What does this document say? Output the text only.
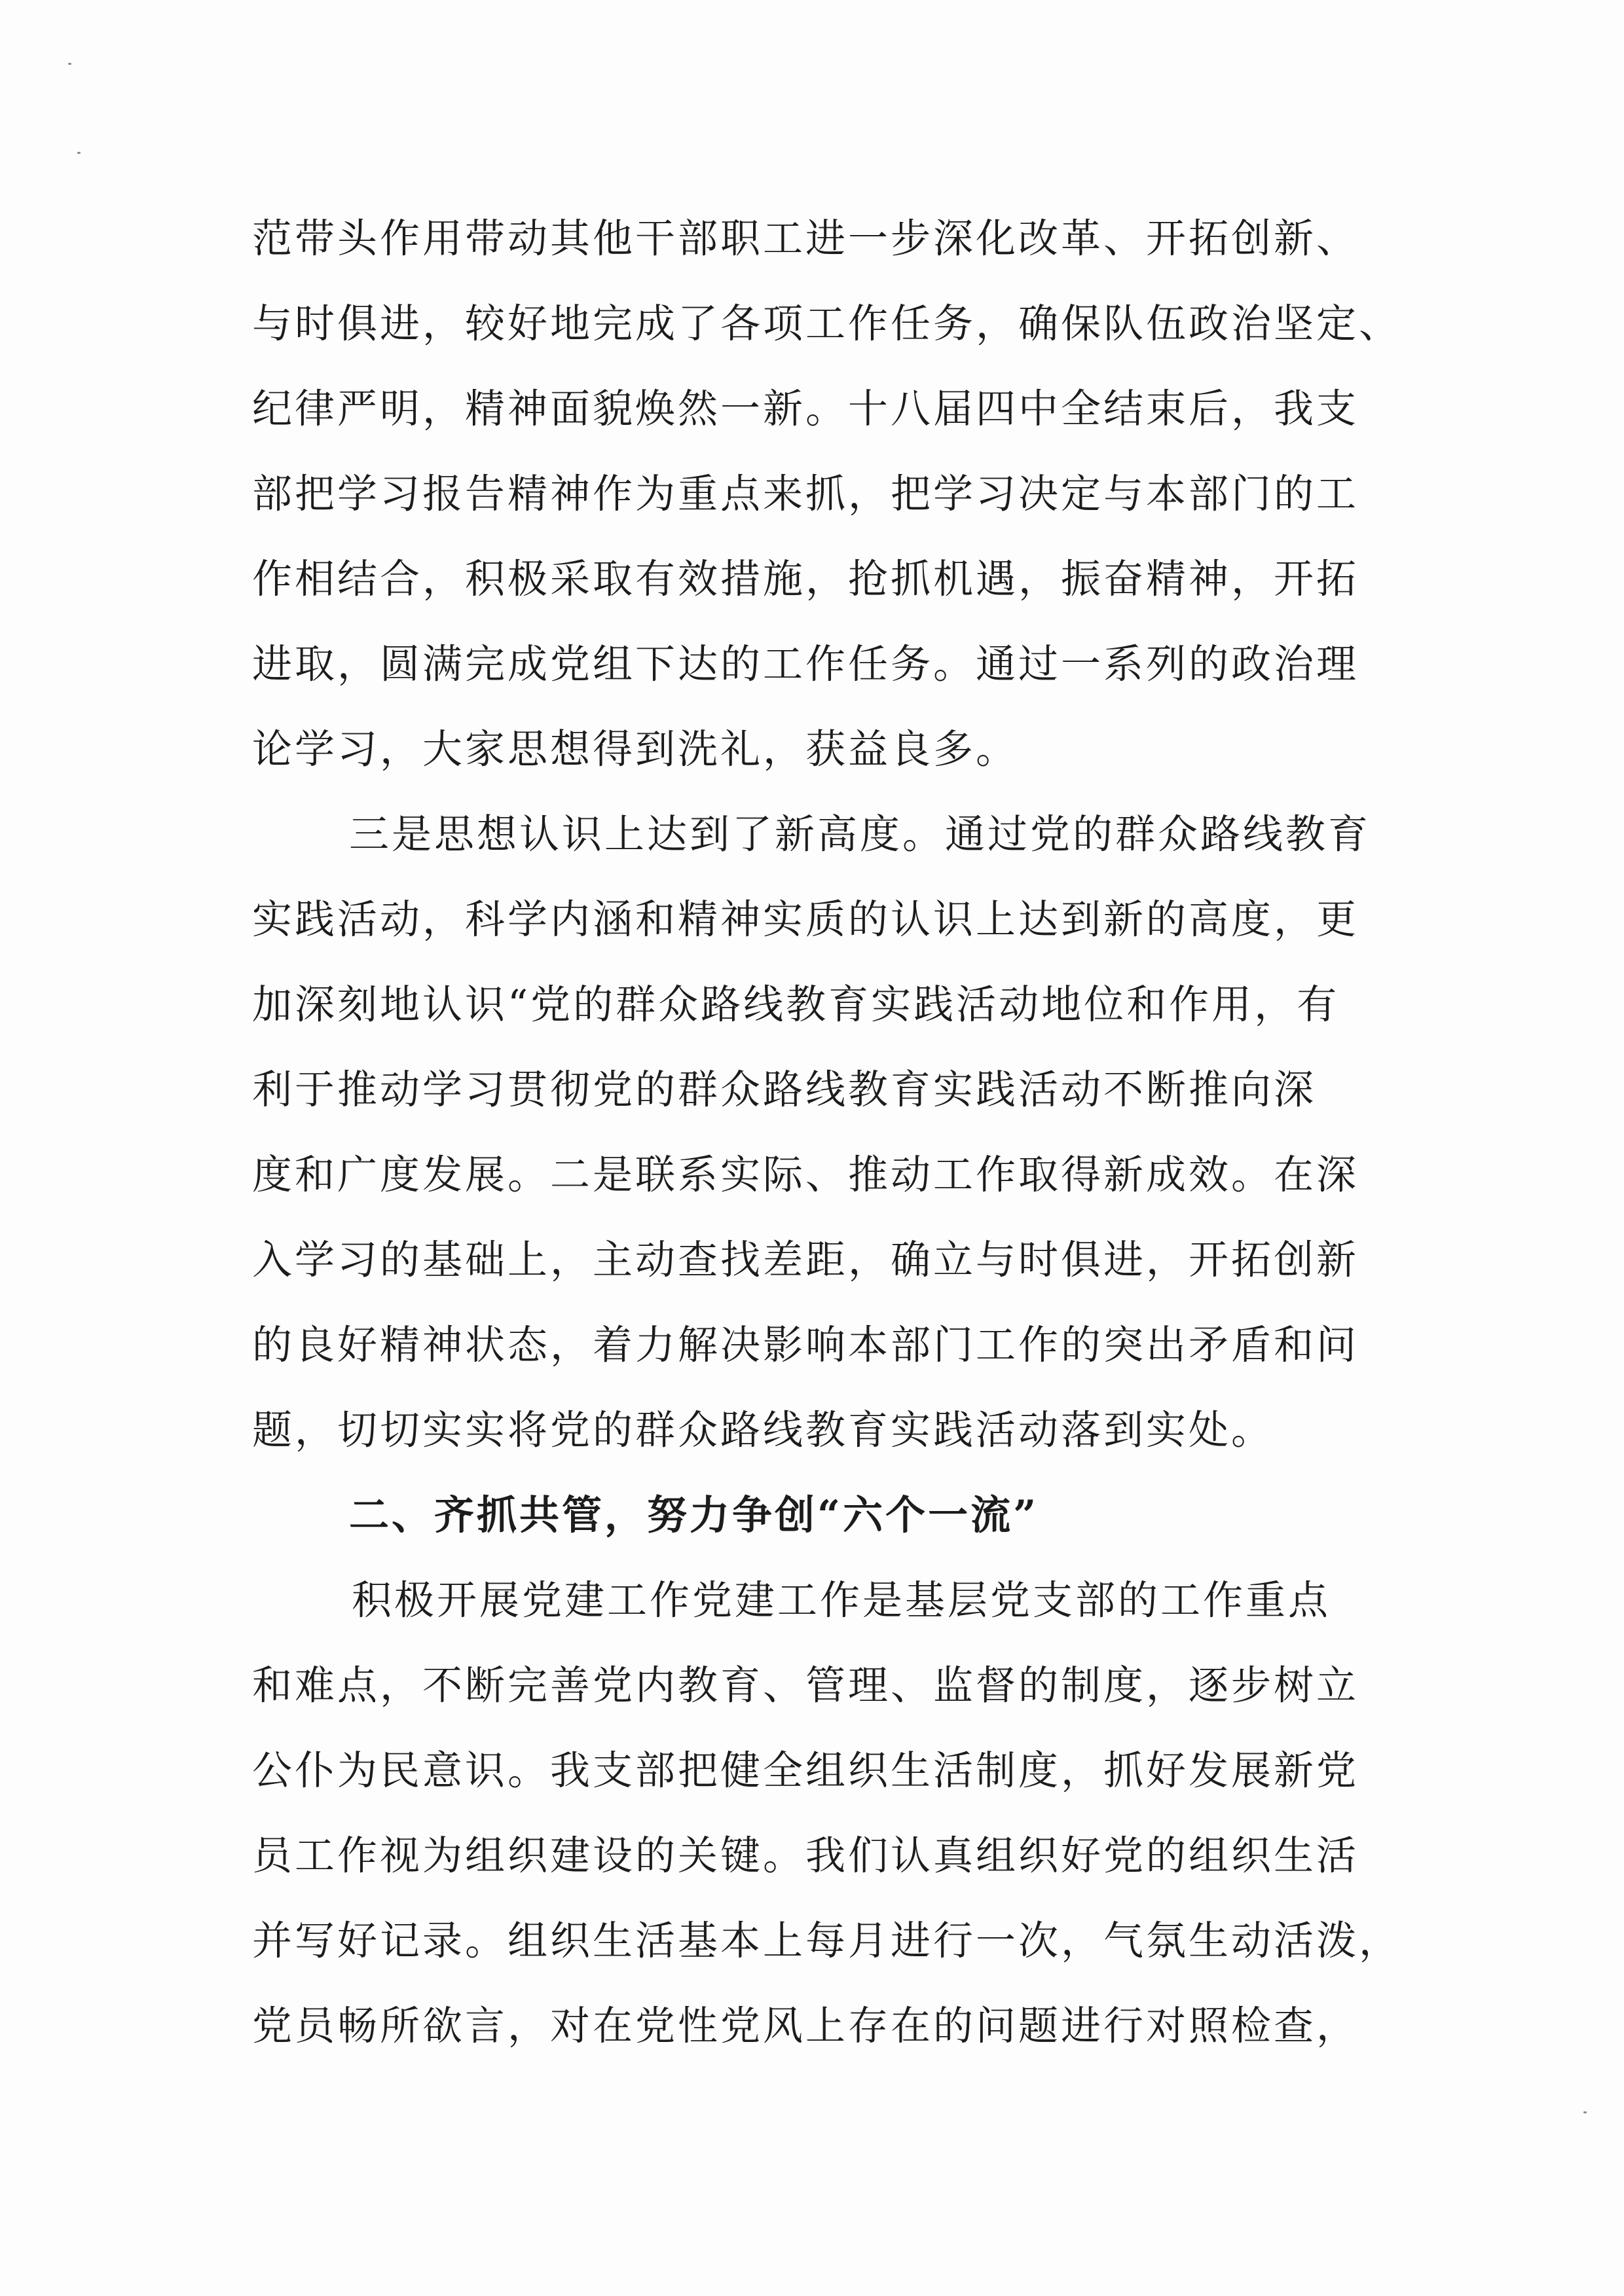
范带头作用带动其他干部职工进一步深化改革、开拓创新、
与时俱进，较好地完成了各项工作任务，确保队伍政治坚定、
纪律严明，精神面貌焕然一新。十八届四中全结束后，我支
部把学习报告精神作为重点来抓，把学习决定与本部门的工
作相结合，积极采取有效措施，抢抓机遇，振奋精神，开拓
进取，圆满完成党组下达的工作任务。通过一系列的政治理
论学习，大家思想得到洗礼，获益良多。
三是思想认识上达到了新高度。通过党的群众路线教育
实践活动，科学内涵和精神实质的认识上达到新的高度，更
加深刻地认识“党的群众路线教育实践活动地位和作用，有
利于推动学习贯彻党的群众路线教育实践活动不断推向深
度和广度发展。二是联系实际、推动工作取得新成效。在深
入学习的基础上，主动查找差距，确立与时俱进，开拓创新
的良好精神状态，着力解决影响本部门工作的突出矛盾和问
题，切切实实将党的群众路线教育实践活动落到实处。
二、齐抓共管，努力争创“六个一流”
积极开展党建工作党建工作是基层党支部的工作重点
和难点，不断完善党内教育、管理、监督的制度，逐步树立
公仆为民意识。我支部把健全组织生活制度，抓好发展新党
员工作视为组织建设的关键。我们认真组织好党的组织生活
并写好记录。组织生活基本上每月进行一次，气氛生动活泼，
党员畅所欲言，对在党性党风上存在的问题进行对照检查，
